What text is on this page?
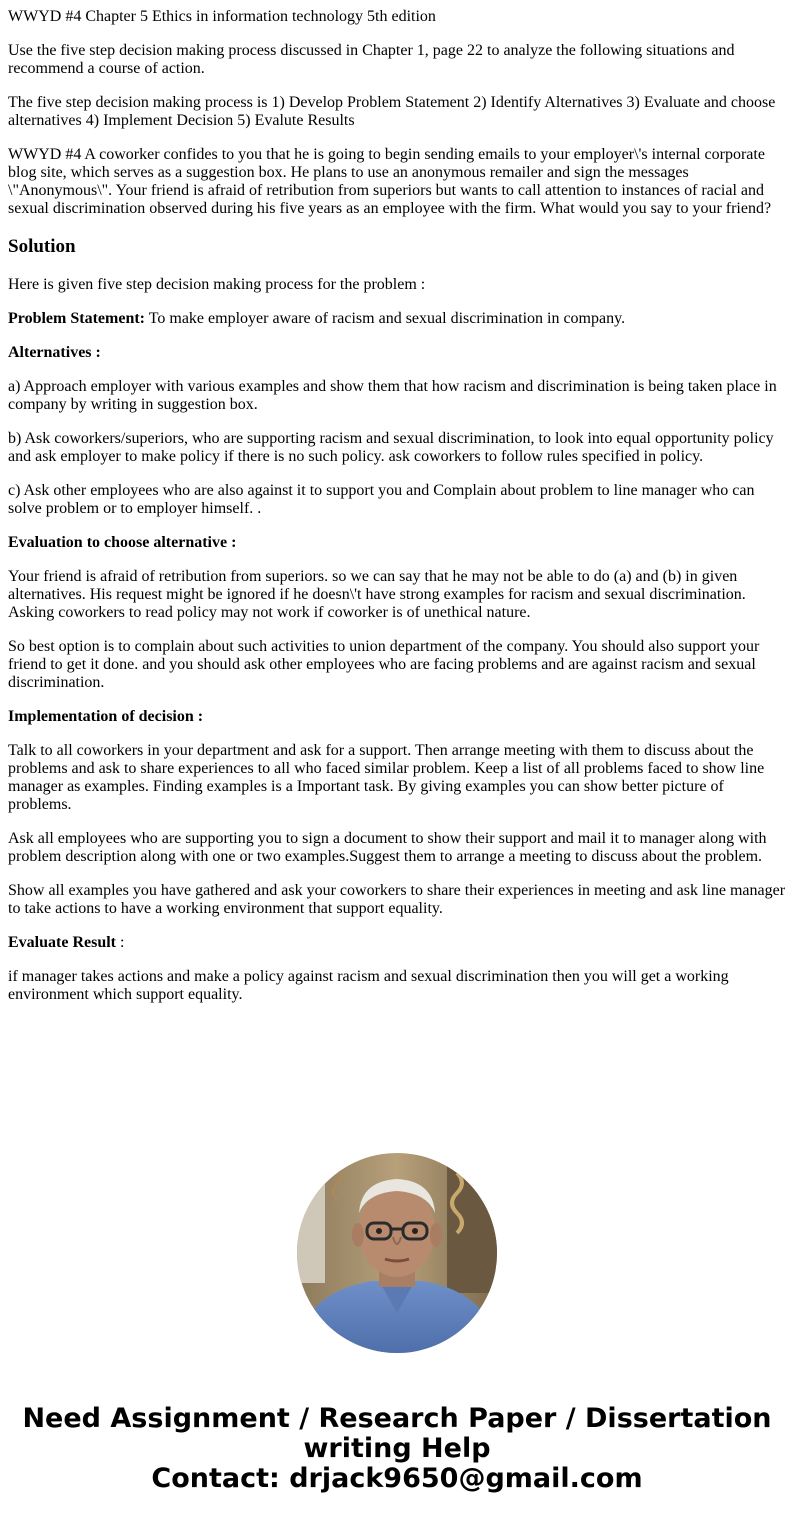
WWYD #4 Chapter 5 Ethics in information technology 5th edition

Use the five step decision making process discussed in Chapter 1, page 22 to analyze the following situations and recommend a course of action.

The five step decision making process is 1) Develop Problem Statement 2) Identify Alternatives 3) Evaluate and choose alternatives 4) Implement Decision 5) Evalute Results

WWYD #4 A coworker confides to you that he is going to begin sending emails to your employer\'s internal corporate blog site, which serves as a suggestion box. He plans to use an anonymous remailer and sign the messages \"Anonymous\". Your friend is afraid of retribution from superiors but wants to call attention to instances of racial and sexual discrimination observed during his five years as an employee with the firm. What would you say to your friend?

Solution

Here is given five step decision making process for the problem :

Problem Statement: To make employer aware of racism and sexual discrimination in company.

Alternatives :

a) Approach employer with various examples and show them that how racism and discrimination is being taken place in company by writing in suggestion box.

b) Ask coworkers/superiors, who are supporting racism and sexual discrimination, to look into equal opportunity policy and ask employer to make policy if there is no such policy. ask coworkers to follow rules specified in policy.

c) Ask other employees who are also against it to support you and Complain about problem to line manager who can solve problem or to employer himself. .

Evaluation to choose alternative :

Your friend is afraid of retribution from superiors. so we can say that he may not be able to do (a) and (b) in given alternatives. His request might be ignored if he doesn\'t have strong examples for racism and sexual discrimination. Asking coworkers to read policy may not work if coworker is of unethical nature.

So best option is to complain about such activities to union department of the company. You should also support your friend to get it done. and you should ask other employees who are facing problems and are against racism and sexual discrimination.

Implementation of decision :

Talk to all coworkers in your department and ask for a support. Then arrange meeting with them to discuss about the problems and ask to share experiences to all who faced similar problem. Keep a list of all problems faced to show line manager as examples. Finding examples is a Important task. By giving examples you can show better picture of problems.

Ask all employees who are supporting you to sign a document to show their support and mail it to manager along with problem description along with one or two examples.Suggest them to arrange a meeting to discuss about the problem.

Show all examples you have gathered and ask your coworkers to share their experiences in meeting and ask line manager to take actions to have a working environment that support equality.

Evaluate Result :

if manager takes actions and make a policy against racism and sexual discrimination then you will get a working environment which support equality.

Need Assignment / Research Paper / Dissertation writing Help
Contact: drjack9650@gmail.com
